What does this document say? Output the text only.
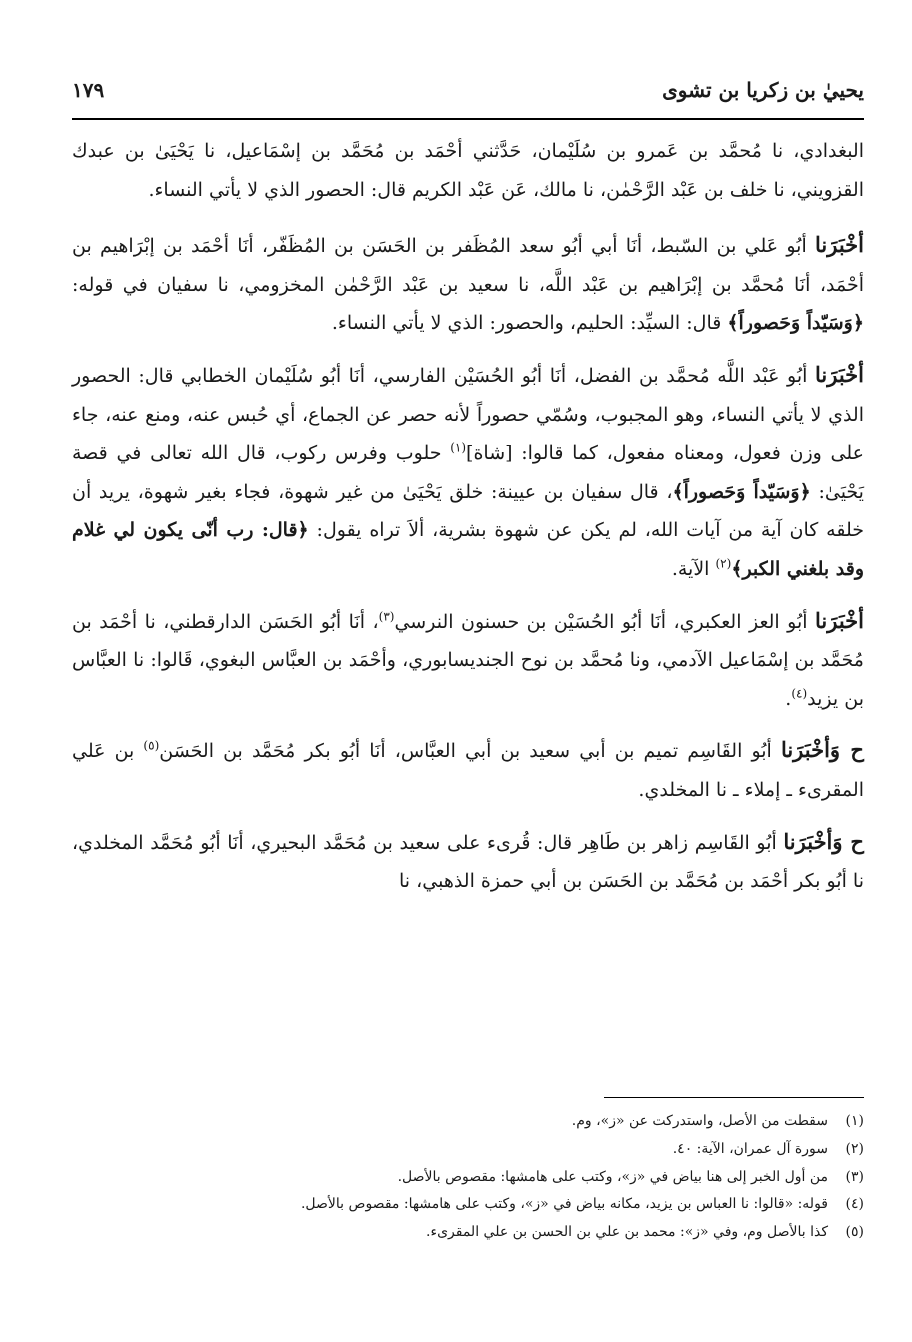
يحييٰ بن زكريا بن تشوى
١٧٩

البغدادي، نا مُحمَّد بن عَمرو بن سُلَيْمان، حَدَّثني أحْمَد بن مُحَمَّد بن إسْمَاعيل، نا يَحْيَىٰ بن عبدك القزويني، نا خلف بن عَبْد الرَّحْمٰن، نا مالك، عَن عَبْد الكريم قال: الحصور الذي لا يأتي النساء.

أخْبَرَنا أبُو عَلي بن السّبط، أنَا أبي أبُو سعد المُظَفر بن الحَسَن بن المُظَفّر، أنَا أحْمَد بن إبْرَاهيم بن أحْمَد، أنَا مُحمَّد بن إبْرَاهيم بن عَبْد اللَّه، نا سعيد بن عَبْد الرَّحْمٰن المخزومي، نا سفيان في قوله: ﴿وَسَيّداً وَحَصوراً﴾ قال: السيِّد: الحليم، والحصور: الذي لا يأتي النساء.

أخْبَرَنا أبُو عَبْد اللَّه مُحمَّد بن الفضل، أنَا أبُو الحُسَيْن الفارسي، أنَا أبُو سُلَيْمان الخطابي قال: الحصور الذي لا يأتي النساء، وهو المجبوب، وسُمّي حصوراً لأنه حصر عن الجماع، أي حُبس عنه، ومنع عنه، جاء على وزن فعول، ومعناه مفعول، كما قالوا: [شاة]$^{(١)}$ حلوب وفرس ركوب، قال الله تعالى في قصة يَحْيَىٰ: ﴿وَسَيّداً وَحَصوراً﴾، قال سفيان بن عيينة: خلق يَحْيَىٰ من غير شهوة، فجاء بغير شهوة، يريد أن خلقه كان آية من آيات الله، لم يكن عن شهوة بشرية، ألاَ تراه يقول: ﴿قال: رب أنّى يكون لي غلام وقد بلغني الكبر﴾$^{(٢)}$ الآية.

أخْبَرَنا أبُو العز العكبري، أنَا أبُو الحُسَيْن بن حسنون النرسي$^{(٣)}$، أنَا أبُو الحَسَن الدارقطني، نا أحْمَد بن مُحَمَّد بن إسْمَاعيل الآدمي، ونا مُحمَّد بن نوح الجنديسابوري، وأحْمَد بن العبَّاس البغوي، قَالوا: نا العبَّاس بن يزيد$^{(٤)}$.

ح وَأخْبَرَنا أبُو القَاسِم تميم بن أبي سعيد بن أبي العبَّاس، أنَا أبُو بكر مُحَمَّد بن الحَسَن$^{(٥)}$ بن عَلي المقرىء ـ إملاء ـ نا المخلدي.

ح وَأخْبَرَنا أبُو القَاسِم زاهر بن طَاهِر قال: قُرىء على سعيد بن مُحَمَّد البحيري، أنَا أبُو مُحَمَّد المخلدي، نا أبُو بكر أحْمَد بن مُحَمَّد بن الحَسَن بن أبي حمزة الذهبي، نا

(١)
سقطت من الأصل، واستدركت عن «ز»، وم.
(٢)
سورة آل عمران، الآية: ٤٠.
(٣)
من أول الخبر إلى هنا بياض في «ز»، وكتب على هامشها: مقصوص بالأصل.
(٤)
قوله: «قالوا: نا العباس بن يزيد، مكانه بياض في «ز»، وكتب على هامشها: مقصوص بالأصل.
(٥)
كذا بالأصل وم، وفي «ز»: محمد بن علي بن الحسن بن علي المقرىء.
